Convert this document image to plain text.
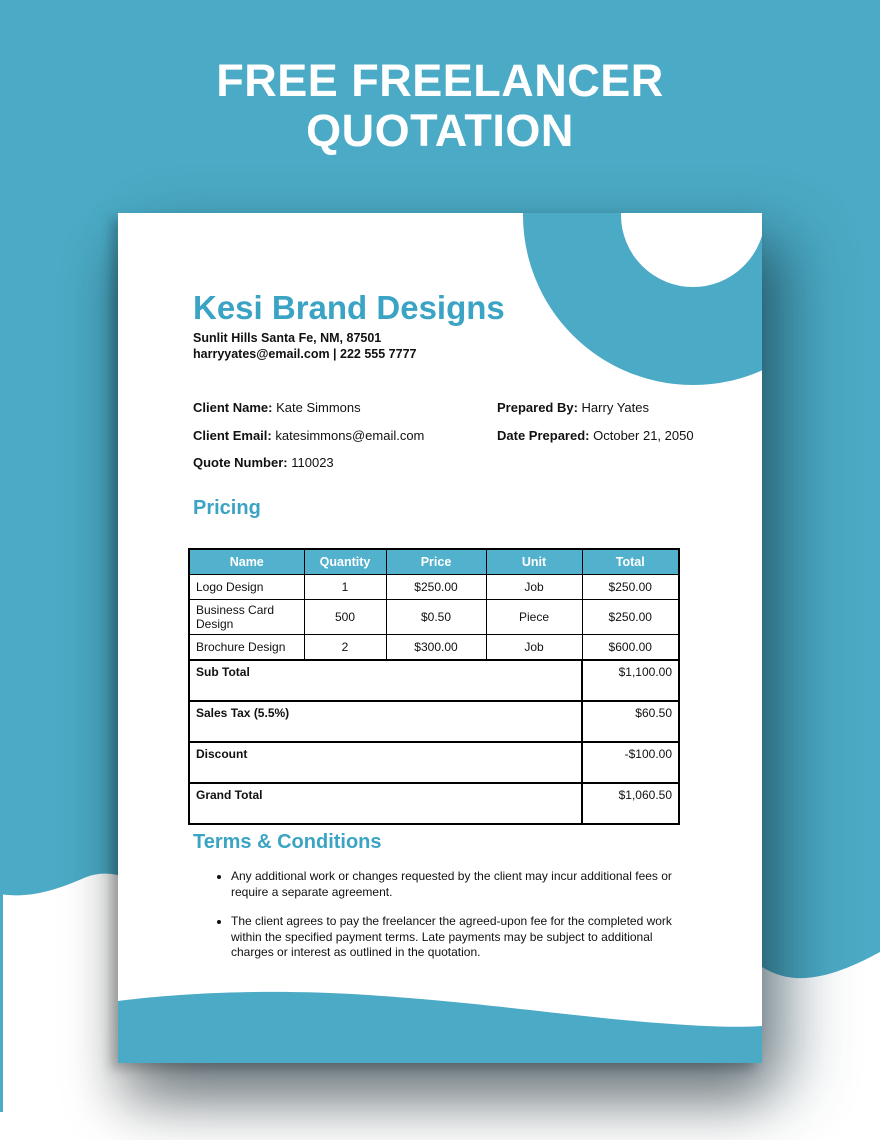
FREE FREELANCER
QUOTATION
Kesi Brand Designs
Sunlit Hills Santa Fe, NM, 87501
harryyates@email.com | 222 555 7777
Client Name: Kate Simmons
Client Email: katesimmons@email.com
Quote Number: 110023
Prepared By: Harry Yates
Date Prepared: October 21, 2050
Pricing
Name	Quantity	Price	Unit	Total
Logo Design	1	$250.00	Job	$250.00
Business Card Design	500	$0.50	Piece	$250.00
Brochure Design	2	$300.00	Job	$600.00
Sub Total				$1,100.00
Sales Tax (5.5%)				$60.50
Discount				-$100.00
Grand Total				$1,060.50
Terms & Conditions
• Any additional work or changes requested by the client may incur additional fees or require a separate agreement.
• The client agrees to pay the freelancer the agreed-upon fee for the completed work within the specified payment terms. Late payments may be subject to additional charges or interest as outlined in the quotation.
